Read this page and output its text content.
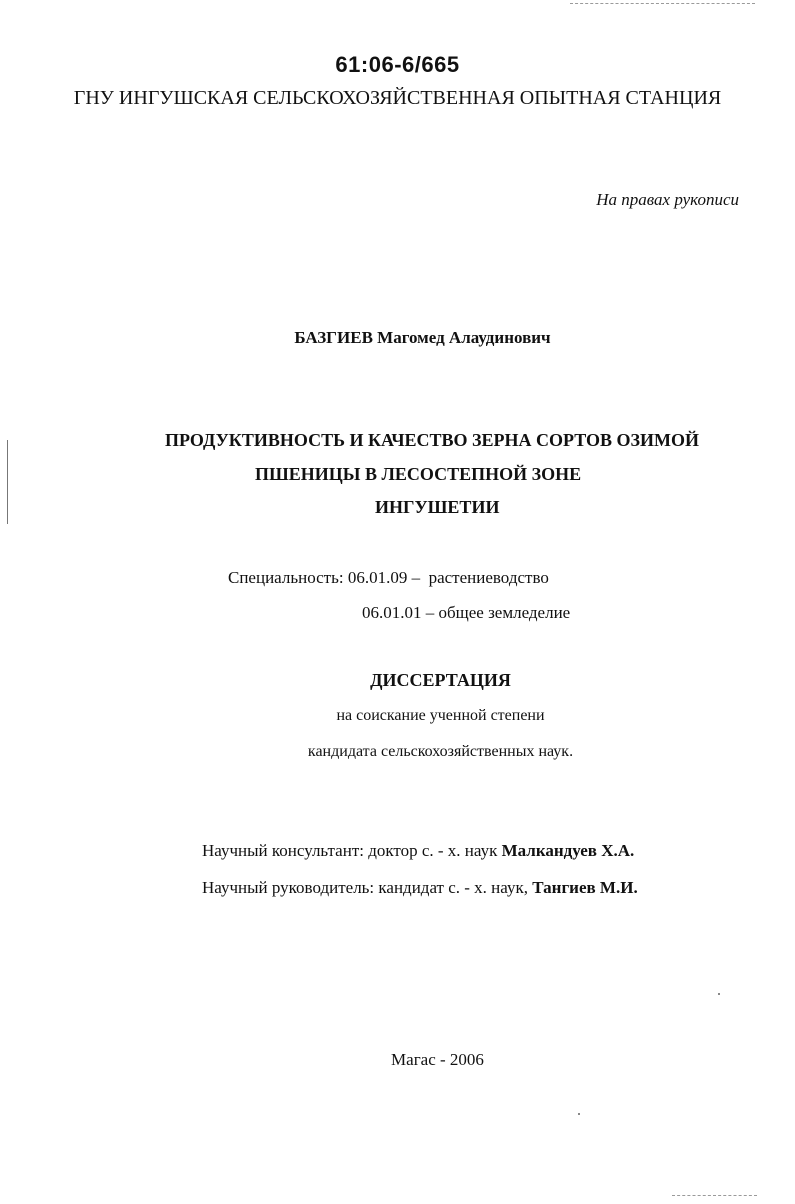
61:06-6/665
ГНУ ИНГУШСКАЯ СЕЛЬСКОХОЗЯЙСТВЕННАЯ ОПЫТНАЯ СТАНЦИЯ
На правах рукописи
БАЗГИЕВ Магомед Алаудинович
ПРОДУКТИВНОСТЬ И КАЧЕСТВО ЗЕРНА СОРТОВ ОЗИМОЙ
ПШЕНИЦЫ В ЛЕСОСТЕПНОЙ ЗОНЕ
ИНГУШЕТИИ
Специальность: 06.01.09 – растениеводство
06.01.01 – общее земледелие
ДИССЕРТАЦИЯ
на соискание ученной степени
кандидата сельскохозяйственных наук.
Научный консультант: доктор с. - х. наук Малкандуев Х.А.
Научный руководитель: кандидат с. - х. наук, Тангиев М.И.
Магас - 2006
